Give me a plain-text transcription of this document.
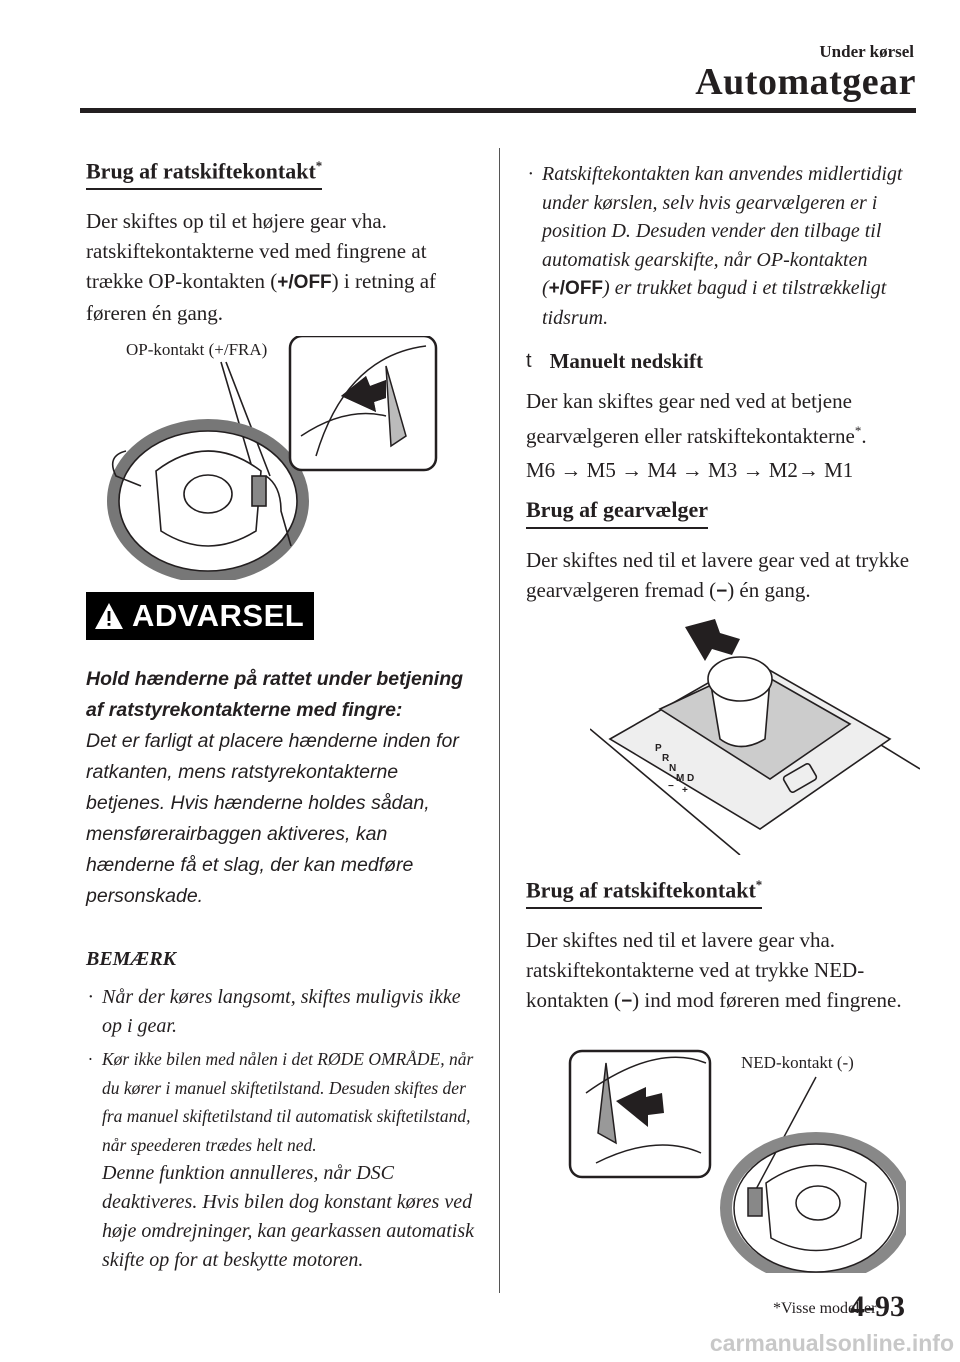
Under kørsel
Automatgear
Brug af ratskiftekontakt*

Der skiftes op til et højere gear vha. ratskiftekontakterne ved med fingrene at trække OP-kontakten (+/OFF) i retning af føreren én gang.

OP-kontakt (+/FRA)
ADVARSEL
Hold hænderne på rattet under betjening af ratstyrekontakterne med fingre:
Det er farligt at placere hænderne inden for ratkanten, mens ratstyrekontakterne betjenes. Hvis hænderne holdes sådan, mensførerairbaggen aktiveres, kan hænderne få et slag, der kan medføre personskade.
BEMÆRK
· Når der køres langsomt, skiftes muligvis ikke op i gear.
· Kør ikke bilen med nålen i det RØDE OMRÅDE, når du kører i manuel skiftetilstand. Desuden skiftes der fra manuel skiftetilstand til automatisk skiftetilstand, når speederen trædes helt ned.
Denne funktion annulleres, når DSC deaktiveres. Hvis bilen dog konstant køres ved høje omdrejninger, kan gearkassen automatisk skifte op for at beskytte motoren.
· Ratskiftekontakten kan anvendes midlertidigt under kørslen, selv hvis gearvælgeren er i position D. Desuden vender den tilbage til automatisk gearskifte, når OP-kontakten (+/OFF) er trukket bagud i et tilstrækkeligt tidsrum.
t Manuelt nedskift

Der kan skiftes gear ned ved at betjene gearvælgeren eller ratskiftekontakterne*.

M6 → M5 → M4 → M3 → M2→ M1

Brug af gearvælger

Der skiftes ned til et lavere gear ved at trykke gearvælgeren fremad (−) én gang.

P
R
N
M D
− +
Brug af ratskiftekontakt*

Der skiftes ned til et lavere gear vha. ratskiftekontakterne ved at trykke NED-kontakten (−) ind mod føreren med fingrene.

NED-kontakt (-)
*Visse modeller.
4-93
carmanualsonline.info
